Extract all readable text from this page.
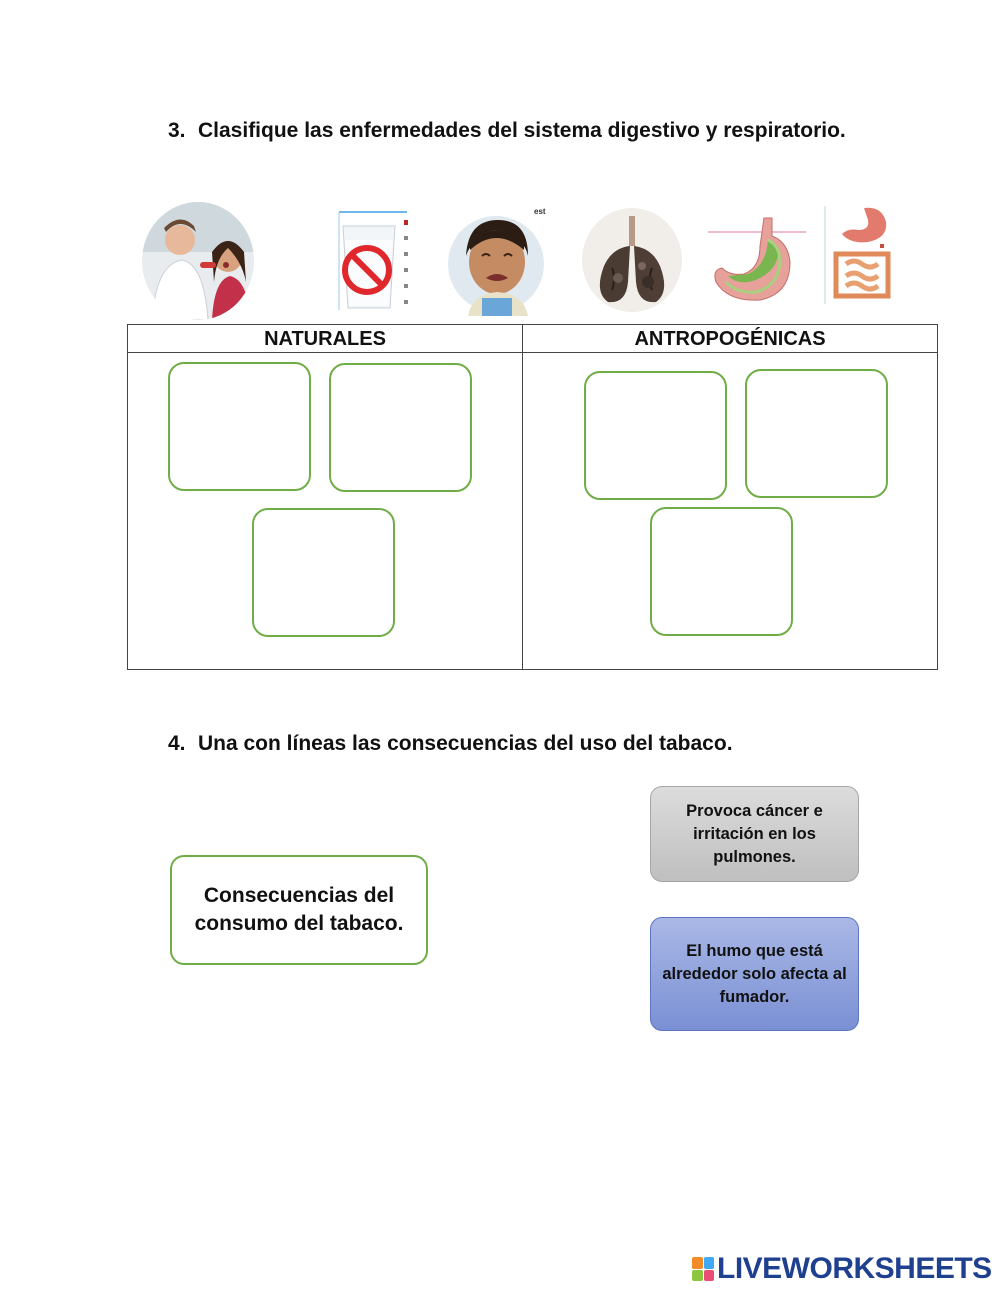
3. Clasifique las enfermedades del sistema digestivo y respiratorio.
est
NATURALES	ANTROPOGÉNICAS
4. Una con líneas las consecuencias del uso del tabaco.
Consecuencias del consumo del tabaco.
Provoca cáncer e irritación en los pulmones.
El humo que está alrededor solo afecta al fumador.
LIVEWORKSHEETS
